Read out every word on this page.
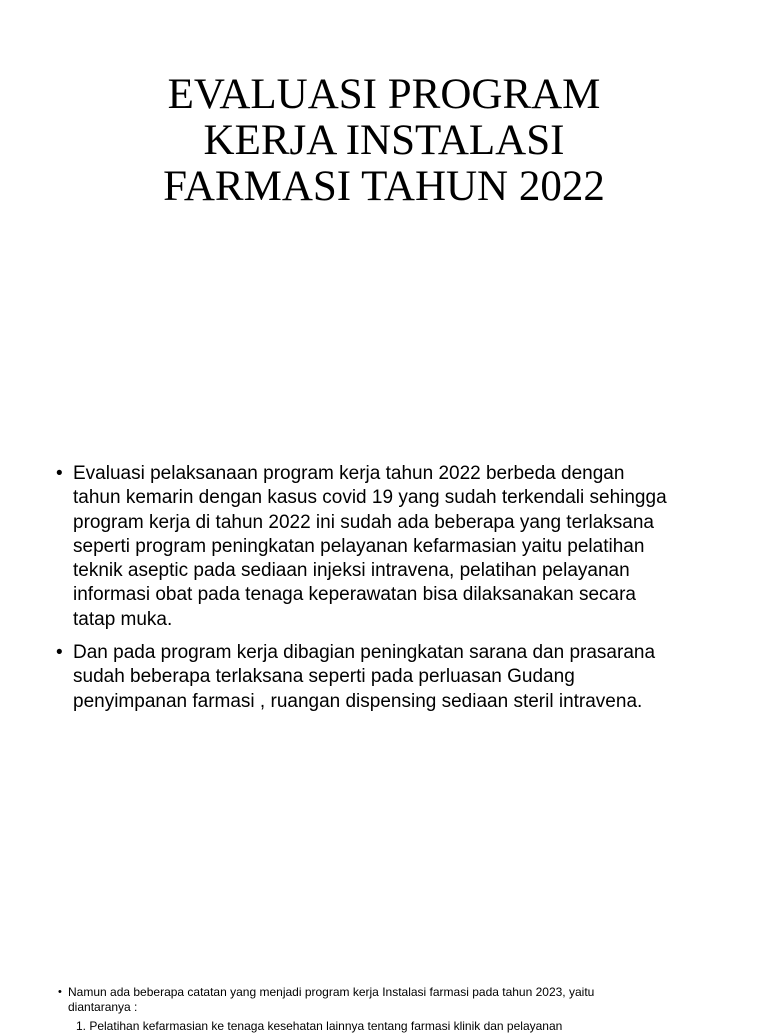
EVALUASI PROGRAM
KERJA INSTALASI
FARMASI TAHUN 2022
• Evaluasi pelaksanaan program kerja tahun 2022 berbeda dengan
tahun kemarin dengan kasus covid 19 yang sudah terkendali sehingga
program kerja di tahun 2022 ini sudah ada beberapa yang terlaksana
seperti program peningkatan pelayanan kefarmasian yaitu pelatihan
teknik aseptic pada sediaan injeksi intravena, pelatihan pelayanan
informasi obat pada tenaga keperawatan bisa dilaksanakan secara
tatap muka.
• Dan pada program kerja dibagian peningkatan sarana dan prasarana
sudah beberapa terlaksana seperti pada perluasan Gudang
penyimpanan farmasi , ruangan dispensing sediaan steril intravena.
• Namun ada beberapa catatan yang menjadi program kerja Instalasi farmasi pada tahun 2023, yaitu
diantaranya :
1. Pelatihan kefarmasian ke tenaga kesehatan lainnya tentang farmasi klinik dan pelayanan
